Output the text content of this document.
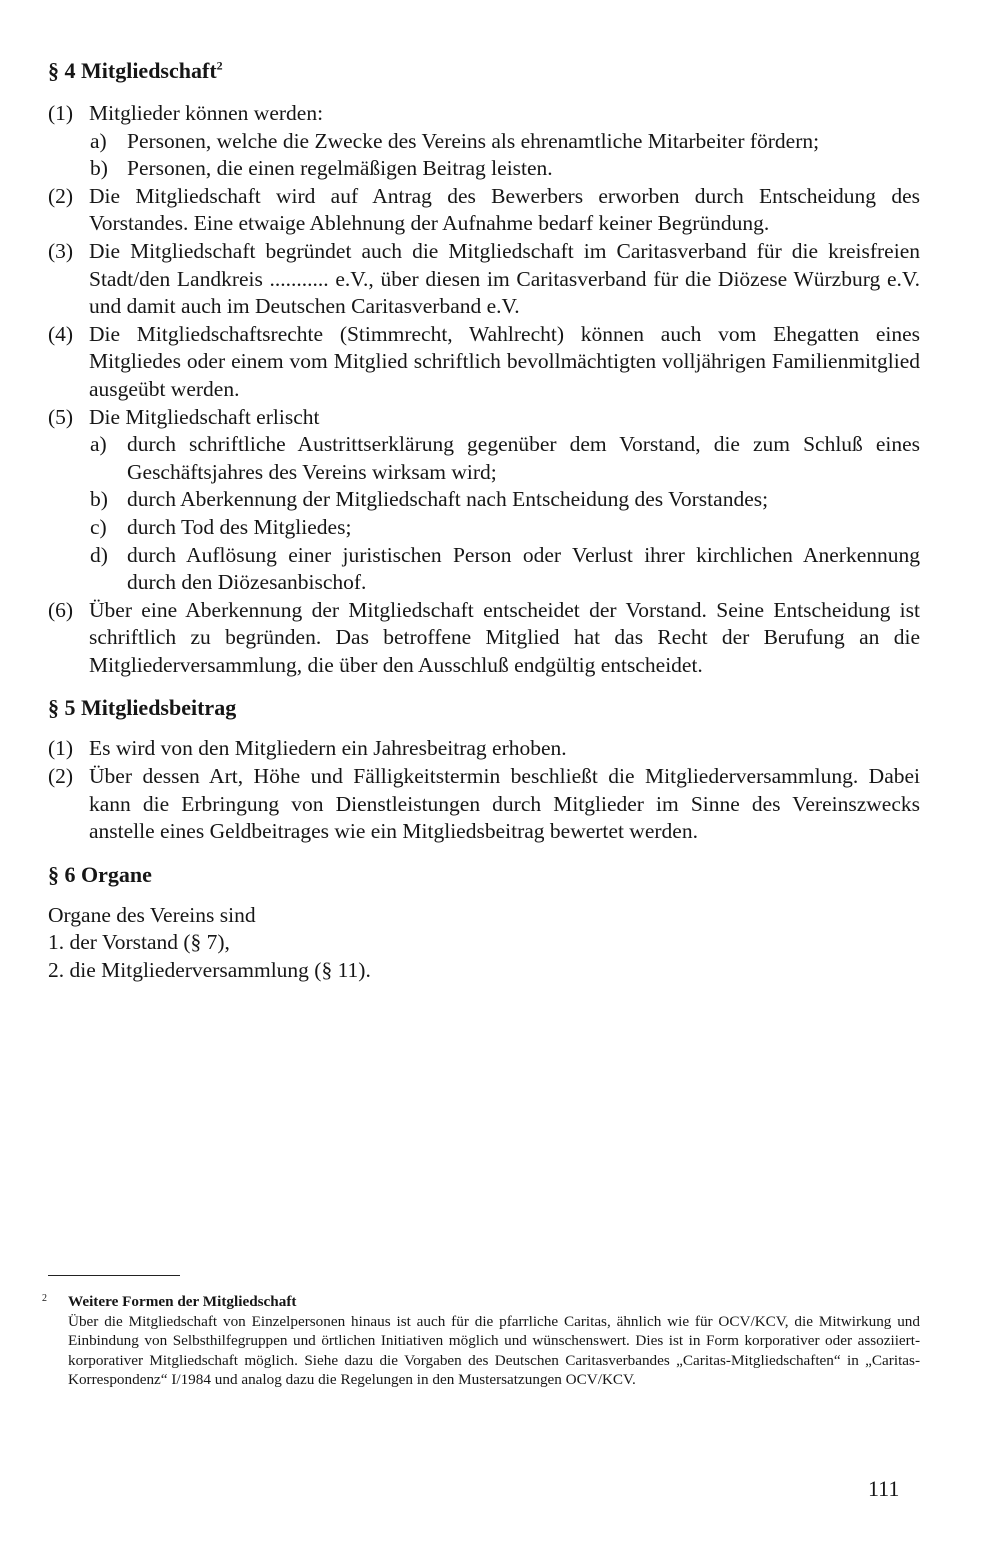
§ 4 Mitgliedschaft$^2$
(1) Mitglieder können werden:
a) Personen, welche die Zwecke des Vereins als ehrenamtliche Mitarbeiter fördern;
b) Personen, die einen regelmäßigen Beitrag leisten.
(2) Die Mitgliedschaft wird auf Antrag des Bewerbers erworben durch Entscheidung des Vorstandes. Eine etwaige Ablehnung der Aufnahme bedarf keiner Begründung.
(3) Die Mitgliedschaft begründet auch die Mitgliedschaft im Caritasverband für die kreisfreien Stadt/den Landkreis ........... e.V., über diesen im Caritasverband für die Diözese Würzburg e.V. und damit auch im Deutschen Caritasverband e.V.
(4) Die Mitgliedschaftsrechte (Stimmrecht, Wahlrecht) können auch vom Ehegatten eines Mitgliedes oder einem vom Mitglied schriftlich bevollmächtigten volljährigen Familienmitglied ausgeübt werden.
(5) Die Mitgliedschaft erlischt
a) durch schriftliche Austrittserklärung gegenüber dem Vorstand, die zum Schluß eines Geschäftsjahres des Vereins wirksam wird;
b) durch Aberkennung der Mitgliedschaft nach Entscheidung des Vorstandes;
c) durch Tod des Mitgliedes;
d) durch Auflösung einer juristischen Person oder Verlust ihrer kirchlichen Anerkennung durch den Diözesanbischof.
(6) Über eine Aberkennung der Mitgliedschaft entscheidet der Vorstand. Seine Entscheidung ist schriftlich zu begründen. Das betroffene Mitglied hat das Recht der Berufung an die Mitgliederversammlung, die über den Ausschluß endgültig entscheidet.
§ 5 Mitgliedsbeitrag
(1) Es wird von den Mitgliedern ein Jahresbeitrag erhoben.
(2) Über dessen Art, Höhe und Fälligkeitstermin beschließt die Mitgliederversammlung. Dabei kann die Erbringung von Dienstleistungen durch Mitglieder im Sinne des Vereinszwecks anstelle eines Geldbeitrages wie ein Mitgliedsbeitrag bewertet werden.
§ 6 Organe

Organe des Vereins sind

1. der Vorstand (§ 7),

2. die Mitgliederversammlung (§ 11).

2 Weitere Formen der Mitgliedschaft
Über die Mitgliedschaft von Einzelpersonen hinaus ist auch für die pfarrliche Caritas, ähnlich wie für OCV/KCV, die Mitwirkung und Einbindung von Selbsthilfegruppen und örtlichen Initiativen möglich und wünschenswert. Dies ist in Form korporativer oder assoziiert-korporativer Mitgliedschaft möglich. Siehe dazu die Vorgaben des Deutschen Caritasverbandes „Caritas-Mitgliedschaften“ in „Caritas-Korrespondenz“ I/1984 und analog dazu die Regelungen in den Mustersatzungen OCV/KCV.
111
